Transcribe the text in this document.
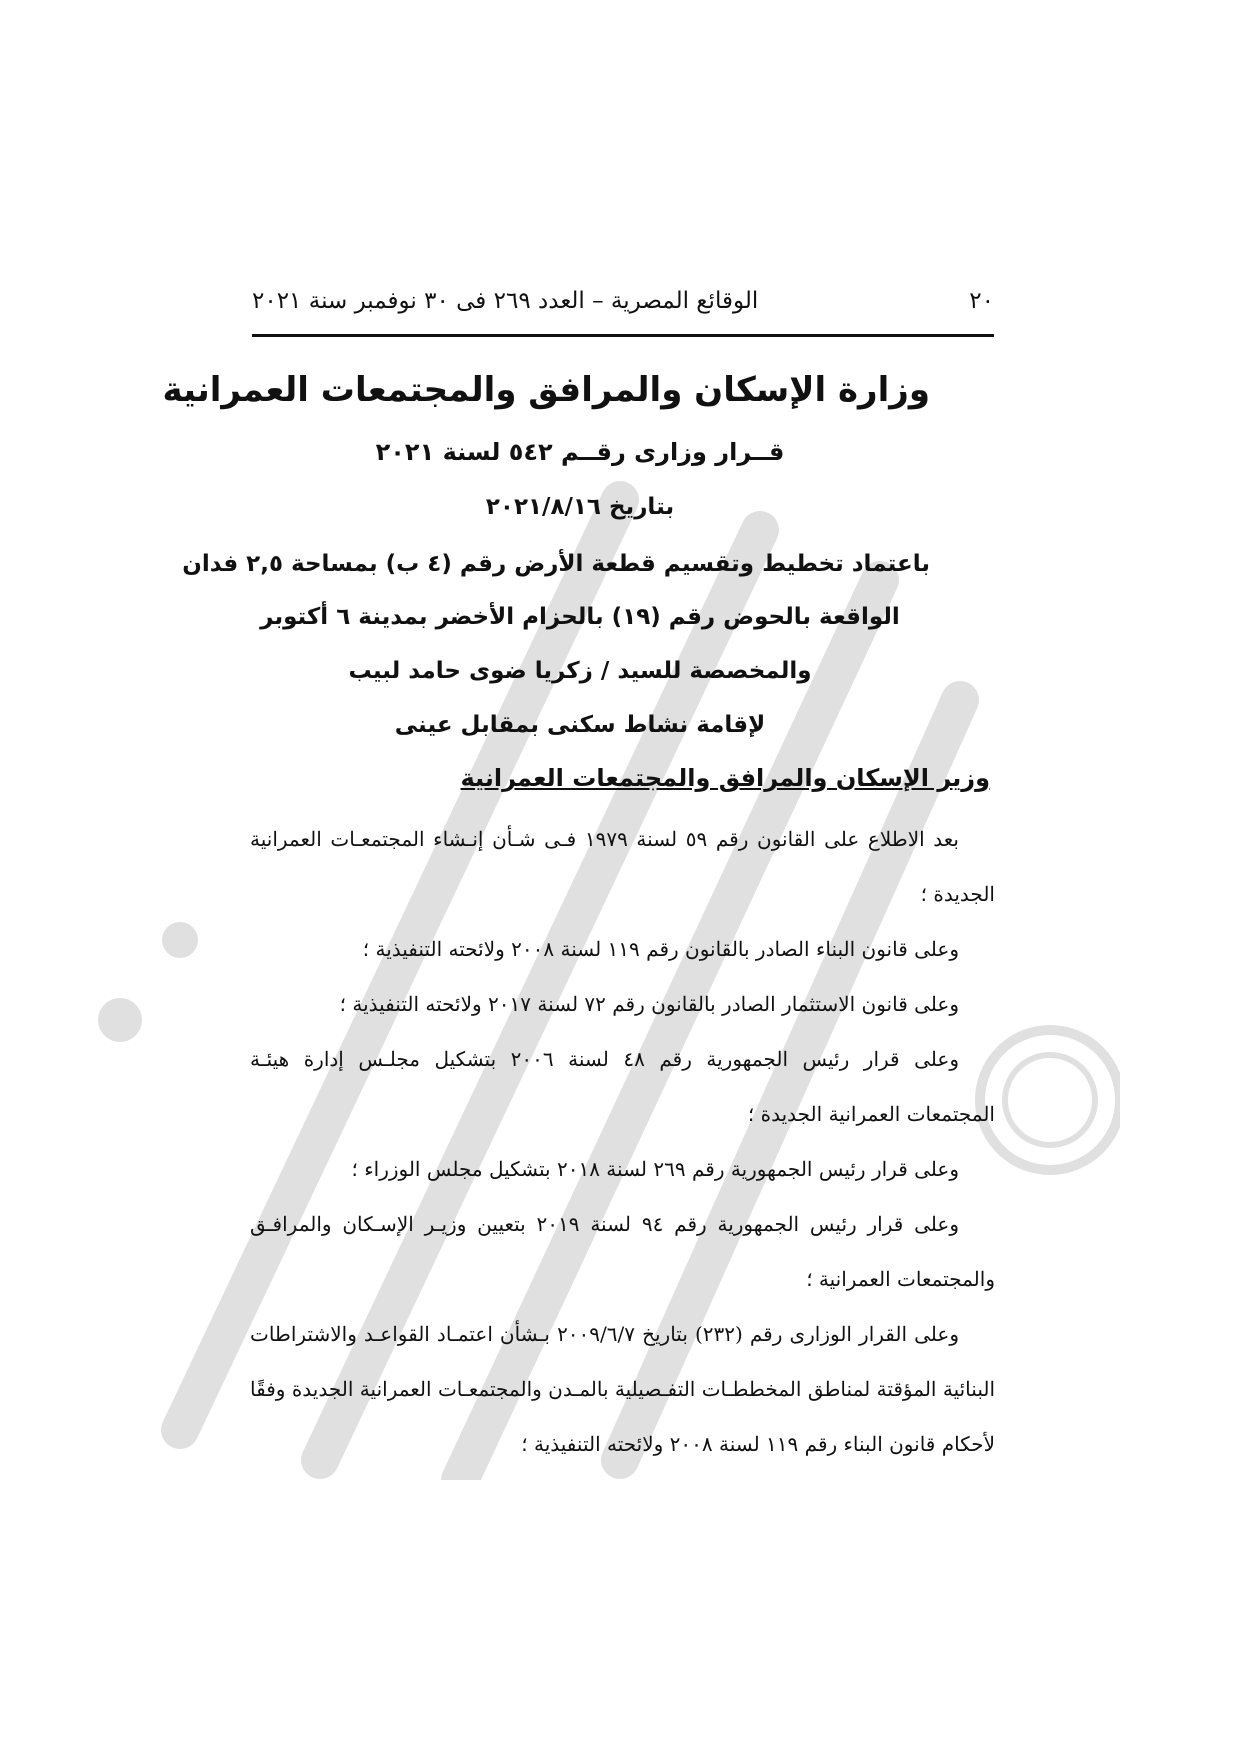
٢٠
الوقائع المصرية – العدد ٢٦٩ فى ٣٠ نوفمبر سنة ٢٠٢١
وزارة الإسكان والمرافق والمجتمعات العمرانية
قــرار وزارى رقــم ٥٤٢ لسنة ٢٠٢١
بتاريخ ٢٠٢١/٨/١٦
باعتماد تخطيط وتقسيم قطعة الأرض رقم (٤ ب) بمساحة ٢,٥ فدان
الواقعة بالحوض رقم (١٩) بالحزام الأخضر بمدينة ٦ أكتوبر
والمخصصة للسيد / زكريا ضوى حامد لبيب
لإقامة نشاط سكنى بمقابل عينى
وزير الإسكان والمرافق والمجتمعات العمرانية

بعد الاطلاع على القانون رقم ٥٩ لسنة ١٩٧٩ فـى شـأن إنـشاء المجتمعـات العمرانية الجديدة ؛

وعلى قانون البناء الصادر بالقانون رقم ١١٩ لسنة ٢٠٠٨ ولائحته التنفيذية ؛

وعلى قانون الاستثمار الصادر بالقانون رقم ٧٢ لسنة ٢٠١٧ ولائحته التنفيذية ؛

وعلى قرار رئيس الجمهورية رقم ٤٨ لسنة ٢٠٠٦ بتشكيل مجلـس إدارة هيئـة المجتمعات العمرانية الجديدة ؛

وعلى قرار رئيس الجمهورية رقم ٢٦٩ لسنة ٢٠١٨ بتشكيل مجلس الوزراء ؛

وعلى قرار رئيس الجمهورية رقم ٩٤ لسنة ٢٠١٩ بتعيين وزيـر الإسـكان والمرافـق والمجتمعات العمرانية ؛

وعلى القرار الوزارى رقم (٢٣٢) بتاريخ ٢٠٠٩/٦/٧ بـشأن اعتمـاد القواعـد والاشتراطات البنائية المؤقتة لمناطق المخططـات التفـصيلية بالمـدن والمجتمعـات العمرانية الجديدة وفقًا لأحكام قانون البناء رقم ١١٩ لسنة ٢٠٠٨ ولائحته التنفيذية ؛
